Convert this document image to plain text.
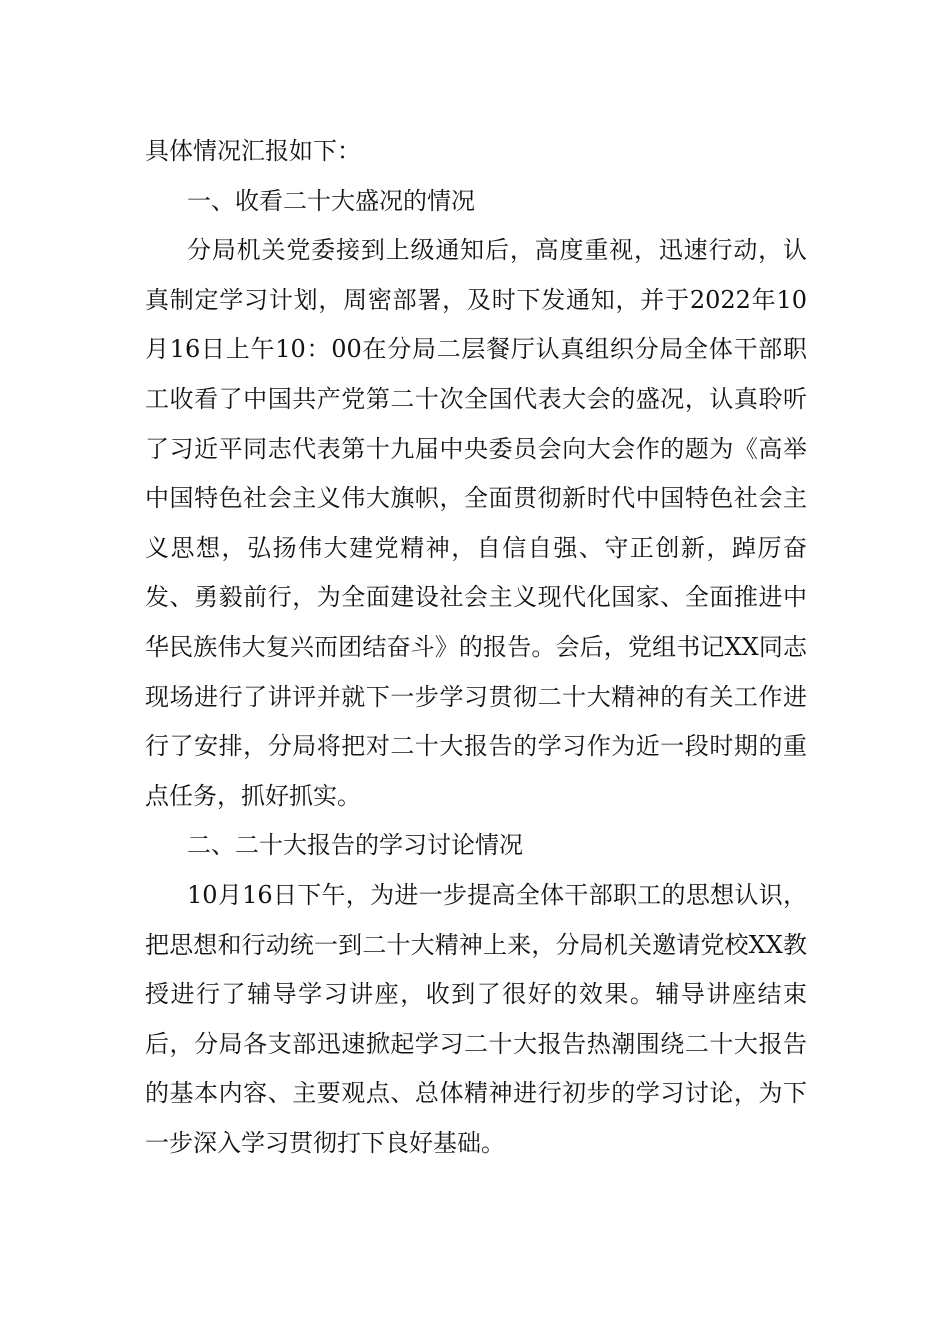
具体情况汇报如下：

一、收看二十大盛况的情况

分局机关党委接到上级通知后，高度重视，迅速行动，认真制定学习计划，周密部署，及时下发通知，并于2022年10月16日上午10：00在分局二层餐厅认真组织分局全体干部职工收看了中国共产党第二十次全国代表大会的盛况，认真聆听了习近平同志代表第十九届中央委员会向大会作的题为《高举中国特色社会主义伟大旗帜，全面贯彻新时代中国特色社会主义思想，弘扬伟大建党精神，自信自强、守正创新，踔厉奋发、勇毅前行，为全面建设社会主义现代化国家、全面推进中华民族伟大复兴而团结奋斗》的报告。会后，党组书记XX同志现场进行了讲评并就下一步学习贯彻二十大精神的有关工作进行了安排，分局将把对二十大报告的学习作为近一段时期的重点任务，抓好抓实。

二、二十大报告的学习讨论情况

10月16日下午，为进一步提高全体干部职工的思想认识，把思想和行动统一到二十大精神上来，分局机关邀请党校XX教授进行了辅导学习讲座，收到了很好的效果。辅导讲座结束后，分局各支部迅速掀起学习二十大报告热潮围绕二十大报告的基本内容、主要观点、总体精神进行初步的学习讨论，为下一步深入学习贯彻打下良好基础。
